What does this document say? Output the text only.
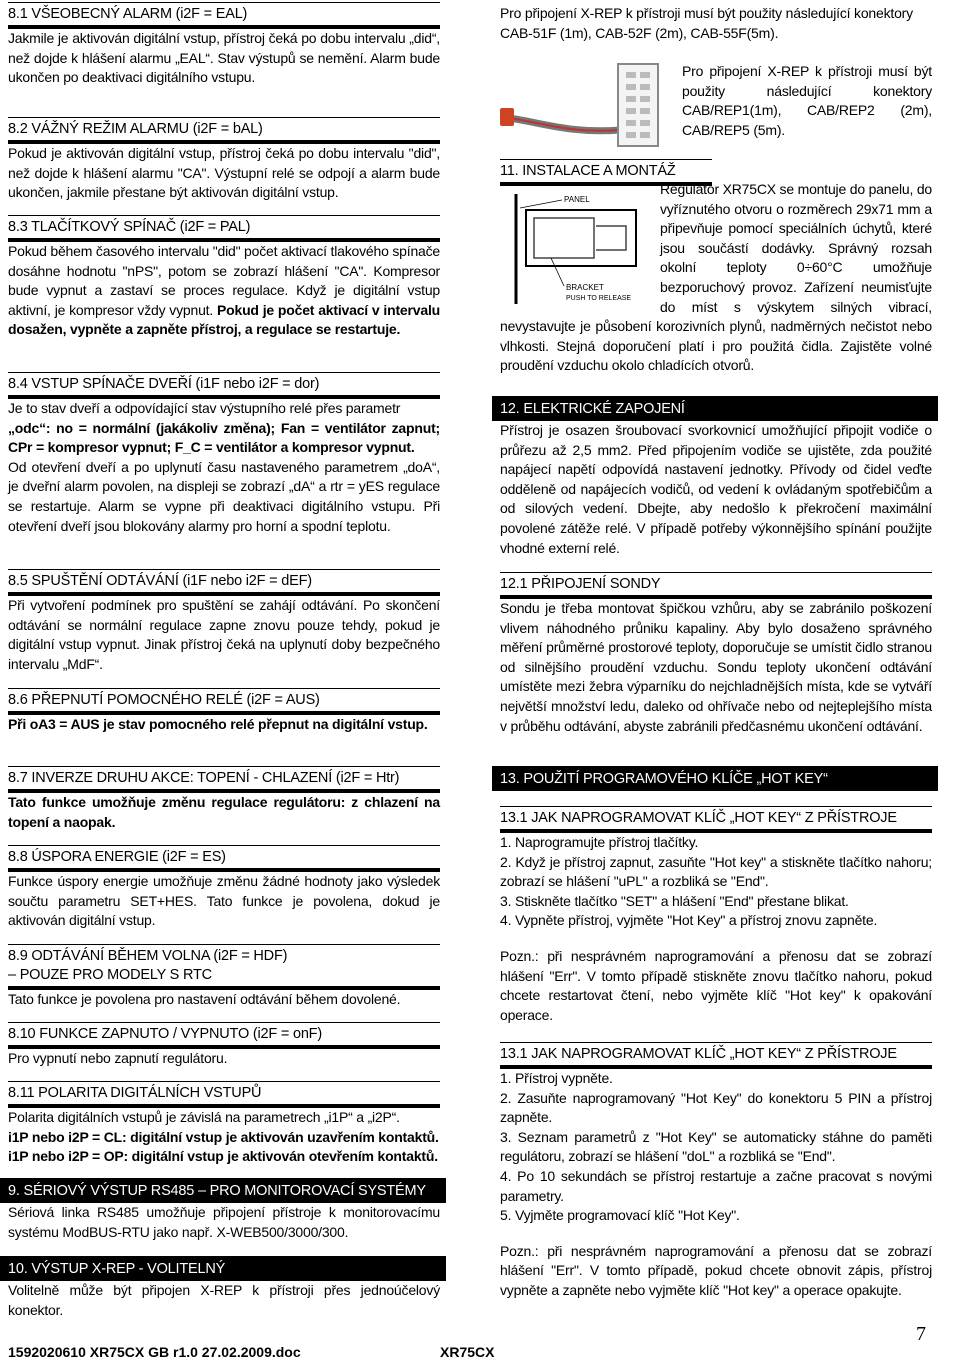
8.1 VŠEOBECNÝ ALARM (i2F = EAL)

Jakmile je aktivován digitální vstup, přístroj čeká po dobu intervalu „did“, než dojde k hlášení alarmu „EAL“. Stav výstupů se nemění. Alarm bude ukončen po deaktivaci digitálního vstupu.

8.2 VÁŽNÝ REŽIM ALARMU (i2F = bAL)

Pokud je aktivován digitální vstup, přístroj čeká po dobu intervalu "did", než dojde k hlášení alarmu "CA". Výstupní relé se odpojí a alarm bude ukončen, jakmile přestane být aktivován digitální vstup.

8.3 TLAČÍTKOVÝ SPÍNAČ (i2F = PAL)

Pokud během časového intervalu "did" počet aktivací tlakového spínače dosáhne hodnotu "nPS", potom se zobrazí hlášení "CA". Kompresor bude vypnut a zastaví se proces regulace. Když je digitální vstup aktivní, je kompresor vždy vypnut. Pokud je počet aktivací v intervalu dosažen, vypněte a zapněte přístroj, a regulace se restartuje.

8.4 VSTUP SPÍNAČE DVEŘÍ (i1F nebo i2F = dor)

Je to stav dveří a odpovídající stav výstupního relé přes parametr

„odc“: no = normální (jakákoliv změna); Fan = ventilátor zapnut; CPr = kompresor vypnut; F_C = ventilátor a kompresor vypnut.

Od otevření dveří a po uplynutí času nastaveného parametrem „doA“, je dveřní alarm povolen, na displeji se zobrazí „dA“ a rtr = yES regulace se restartuje. Alarm se vypne při deaktivaci digitálního vstupu. Při otevření dveří jsou blokovány alarmy pro horní a spodní teplotu.

8.5 SPUŠTĚNÍ ODTÁVÁNÍ (i1F nebo i2F = dEF)

Při vytvoření podmínek pro spuštění se zahájí odtávání. Po skončení odtávání se normální regulace zapne znovu pouze tehdy, pokud je digitální vstup vypnut. Jinak přístroj čeká na uplynutí doby bezpečného intervalu „MdF“.

8.6 PŘEPNUTÍ POMOCNÉHO RELÉ (i2F = AUS)

Při oA3 = AUS je stav pomocného relé přepnut na digitální vstup.

8.7 INVERZE DRUHU AKCE: TOPENÍ - CHLAZENÍ (i2F = Htr)

Tato funkce umožňuje změnu regulace regulátoru: z chlazení na topení a naopak.

8.8 ÚSPORA ENERGIE (i2F = ES)

Funkce úspory energie umožňuje změnu žádné hodnoty jako výsledek součtu parametru SET+HES. Tato funkce je povolena, dokud je aktivován digitální vstup.

8.9 ODTÁVÁNÍ BĚHEM VOLNA (i2F = HDF)
– POUZE PRO MODELY S RTC

Tato funkce je povolena pro nastavení odtávání během dovolené.

8.10 FUNKCE ZAPNUTO / VYPNUTO (i2F = onF)

Pro vypnutí nebo zapnutí regulátoru.

8.11 POLARITA DIGITÁLNÍCH VSTUPŮ

Polarita digitálních vstupů je závislá na parametrech „i1P“ a „i2P“.

i1P nebo i2P = CL: digitální vstup je aktivován uzavřením kontaktů.

i1P nebo i2P = OP: digitální vstup je aktivován otevřením kontaktů.

9. SÉRIOVÝ VÝSTUP RS485 – PRO MONITOROVACÍ SYSTÉMY

Sériová linka RS485 umožňuje připojení přístroje k monitorovacímu systému ModBUS-RTU jako např. X-WEB500/3000/300.

10. VÝSTUP X-REP - VOLITELNÝ

Volitelně může být připojen X-REP k přístroji přes jednoúčelový konektor.

Pro připojení X-REP k přístroji musí být použity následující konektory CAB-51F (1m), CAB-52F (2m), CAB-55F(5m).

Pro připojení X-REP k přístroji musí být použity následující konektory CAB/REP1(1m), CAB/REP2 (2m), CAB/REP5 (5m).

11. INSTALACE A MONTÁŽ
PANEL
BRACKET
PUSH TO RELEASE

Regulátor XR75CX se montuje do panelu, do vyříznutého otvoru o rozměrech 29x71 mm a připevňuje pomocí speciálních úchytů, které jsou součástí dodávky. Správný rozsah okolní teploty 0÷60°C umožňuje bezporuchový provoz. Zařízení neumisťujte do míst s výskytem silných vibrací, nevystavujte je působení korozivních plynů, nadměrných nečistot nebo vlhkosti. Stejná doporučení platí i pro použitá čidla. Zajistěte volné proudění vzduchu okolo chladících otvorů.

12. ELEKTRICKÉ ZAPOJENÍ

Přístroj je osazen šroubovací svorkovnicí umožňující připojit vodiče o průřezu až 2,5 mm2. Před připojením vodiče se ujistěte, zda použité napájecí napětí odpovídá nastavení jednotky. Přívody od čidel veďte odděleně od napájecích vodičů, od vedení k ovládaným spotřebičům a od silových vedení. Dbejte, aby nedošlo k překročení maximální povolené zátěže relé. V případě potřeby výkonnějšího spínání použijte vhodné externí relé.

12.1 PŘIPOJENÍ SONDY

Sondu je třeba montovat špičkou vzhůru, aby se zabránilo poškození vlivem náhodného průniku kapaliny. Aby bylo dosaženo správného měření průměrné prostorové teploty, doporučuje se umístit čidlo stranou od silnějšího proudění vzduchu. Sondu teploty ukončení odtávání umístěte mezi žebra výparníku do nejchladnějších místa, kde se vytváří největší množství ledu, daleko od ohřívače nebo od nejteplejšího místa v průběhu odtávání, abyste zabránili předčasnému ukončení odtávání.

13. POUŽITÍ PROGRAMOVÉHO KLÍČE „HOT KEY“
13.1 JAK NAPROGRAMOVAT KLÍČ „HOT KEY“ Z PŘÍSTROJE

1. Naprogramujte přístroj tlačítky.

2. Když je přístroj zapnut, zasuňte "Hot key" a stiskněte tlačítko nahoru; zobrazí se hlášení "uPL" a rozbliká se "End".

3. Stiskněte tlačítko "SET" a hlášení "End" přestane blikat.

4. Vypněte přístroj, vyjměte "Hot Key" a přístroj znovu zapněte.

Pozn.: při nesprávném naprogramování a přenosu dat se zobrazí hlášení "Err". V tomto případě stiskněte znovu tlačítko nahoru, pokud chcete restartovat čtení, nebo vyjměte klíč "Hot key" k opakování operace.

13.1 JAK NAPROGRAMOVAT KLÍČ „HOT KEY“ Z PŘÍSTROJE

1. Přístroj vypněte.

2. Zasuňte naprogramovaný "Hot Key" do konektoru 5 PIN a přístroj zapněte.

3. Seznam parametrů z "Hot Key" se automaticky stáhne do paměti regulátoru, zobrazí se hlášení "doL" a rozbliká se "End".

4. Po 10 sekundách se přístroj restartuje a začne pracovat s novými parametry.

5. Vyjměte programovací klíč "Hot Key".

Pozn.: při nesprávném naprogramování a přenosu dat se zobrazí hlášení "Err". V tomto případě, pokud chcete obnovit zápis, přístroj vypněte a zapněte nebo vyjměte klíč "Hot key" a operace opakujte.

1592020610 XR75CX GB r1.0 27.02.2009.doc	XR75CX
7
